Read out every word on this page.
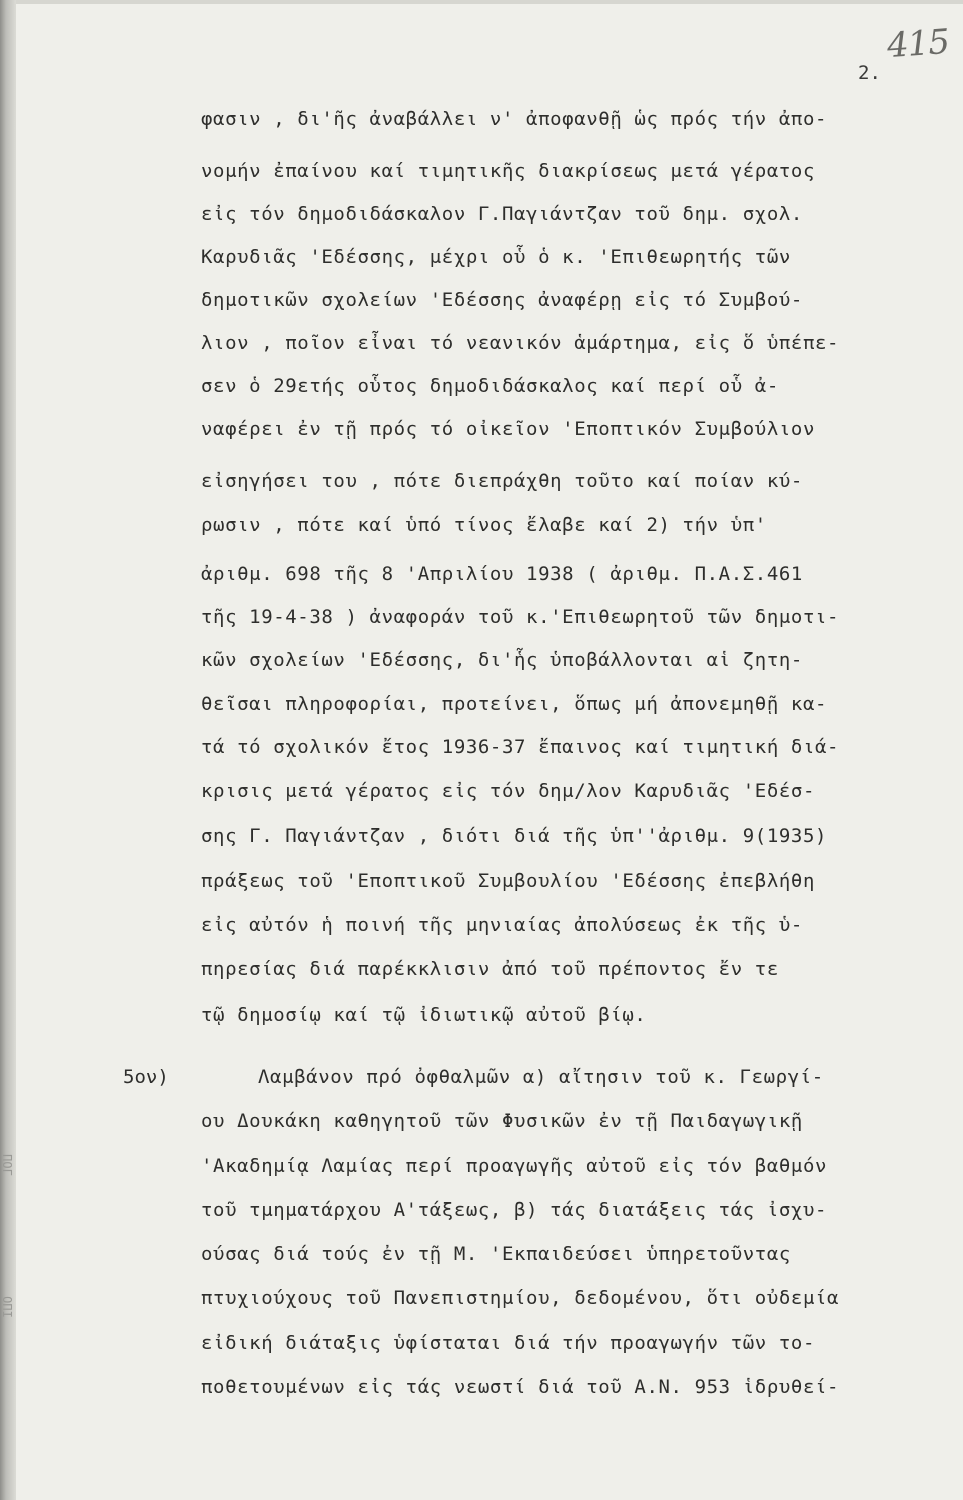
415
2.
ΠΟΓ
ΟΠΙ
φασιν , δι'ῆς ἀναβάλλει ν' ἀποφανθῇ ὡς πρός τήν ἀπο-
νομήν ἐπαίνου καί τιμητικῆς διακρίσεως μετά γέρατος
εἰς τόν δημοδιδάσκαλον Γ.Παγιάντζαν τοῦ δημ. σχολ.
Καρυδιᾶς 'Εδέσσης, μέχρι οὗ ὁ κ. 'Επιθεωρητής τῶν
δημοτικῶν σχολείων 'Εδέσσης ἀναφέρῃ εἰς τό Συμβού-
λιον , ποῖον εἶναι τό νεανικόν ἁμάρτημα, εἰς ὅ ὑπέπε-
σεν ὁ 29ετής οὗτος δημοδιδάσκαλος καί περί οὗ ἀ-
ναφέρει ἐν τῇ πρός τό οἰκεῖον 'Εποπτικόν Συμβούλιον
εἰσηγήσει του , πότε διεπράχθη τοῦτο καί ποίαν κύ-
ρωσιν , πότε καί ὑπό τίνος ἔλαβε καί 2) τήν ὑπ'
ἀριθμ. 698 τῆς 8 'Απριλίου 1938 ( ἀριθμ. Π.Α.Σ.461
τῆς 19-4-38 ) ἀναφοράν τοῦ κ.'Επιθεωρητοῦ τῶν δημοτι-
κῶν σχολείων 'Εδέσσης, δι'ἧς ὑποβάλλονται αἱ ζητη-
θεῖσαι πληροφορίαι, προτείνει, ὅπως μή ἀπονεμηθῇ κα-
τά τό σχολικόν ἔτος 1936-37 ἔπαινος καί τιμητική διά-
κρισις μετά γέρατος εἰς τόν δημ/λον Καρυδιᾶς 'Εδέσ-
σης Γ. Παγιάντζαν , διότι διά τῆς ὑπ''ἀριθμ. 9(1935)
πράξεως τοῦ 'Εποπτικοῦ Συμβουλίου 'Εδέσσης ἐπεβλήθη
εἰς αὐτόν ἡ ποινή τῆς μηνιαίας ἀπολύσεως ἐκ τῆς ὑ-
πηρεσίας διά παρέκκλισιν ἀπό τοῦ πρέποντος ἔν τε
τῷ δημοσίῳ καί τῷ ἰδιωτικῷ αὐτοῦ βίῳ.
5ον)	Λαμβάνον πρό ὀφθαλμῶν α) αἴτησιν τοῦ κ. Γεωργί-
ου Δουκάκη καθηγητοῦ τῶν Φυσικῶν ἐν τῇ Παιδαγωγικῇ
'Ακαδημίᾳ Λαμίας περί προαγωγῆς αὐτοῦ εἰς τόν βαθμόν
τοῦ τμηματάρχου Α'τάξεως, β) τάς διατάξεις τάς ἰσχυ-
ούσας διά τούς ἐν τῇ Μ. 'Εκπαιδεύσει ὑπηρετοῦντας
πτυχιούχους τοῦ Πανεπιστημίου, δεδομένου, ὅτι οὐδεμία
εἰδική διάταξις ὑφίσταται διά τήν προαγωγήν τῶν το-
ποθετουμένων εἰς τάς νεωστί διά τοῦ Α.Ν. 953 ἱδρυθεί-
